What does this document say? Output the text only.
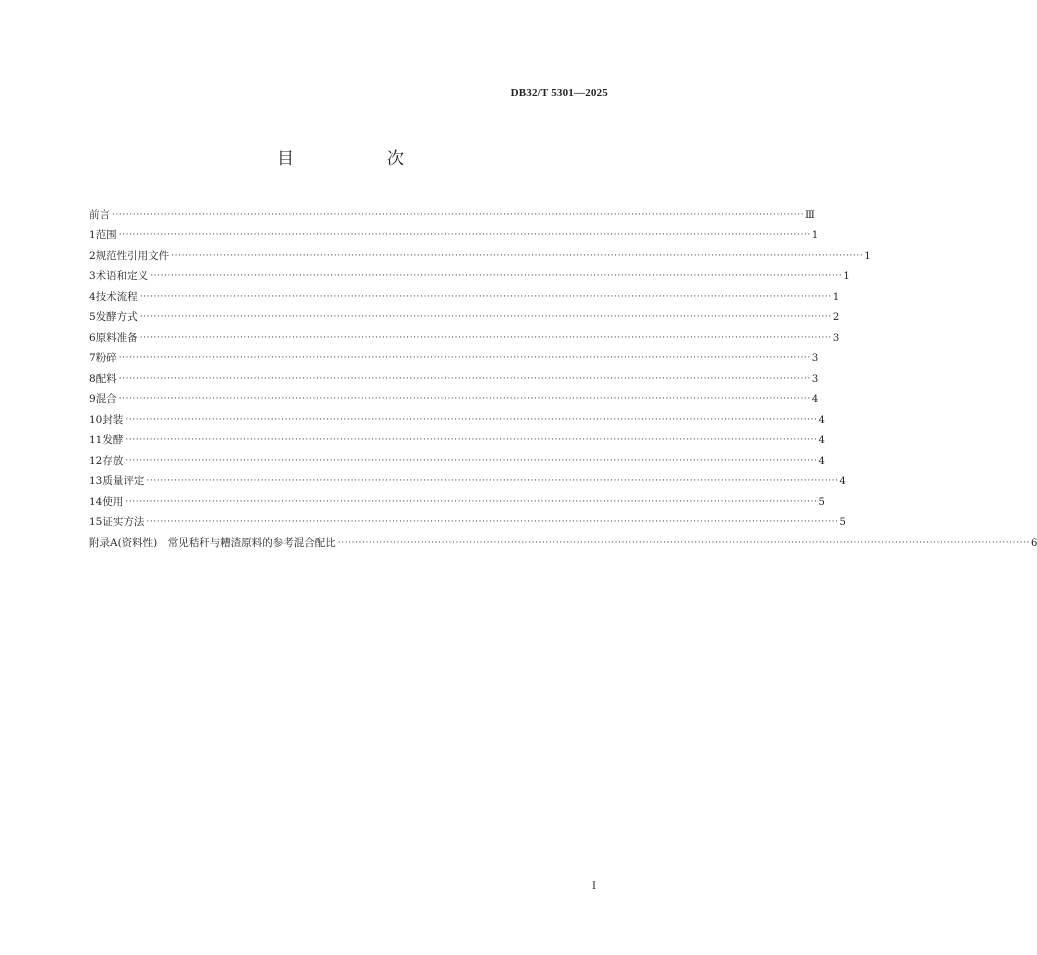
DB32/T 5301—2025
目　次
前言 ········································································································································································································ Ⅲ
1 范围 ········································································································································································································ 1
2 规范性引用文件 ········································································································································································································ 1
3 术语和定义 ········································································································································································································ 1
4 技术流程 ········································································································································································································ 1
5 发酵方式 ········································································································································································································ 2
6 原料准备 ········································································································································································································ 3
7 粉碎 ········································································································································································································ 3
8 配料 ········································································································································································································ 3
9 混合 ········································································································································································································ 4
10 封装 ········································································································································································································ 4
11 发酵 ········································································································································································································ 4
12 存放 ········································································································································································································ 4
13 质量评定 ········································································································································································································ 4
14 使用 ········································································································································································································ 5
15 证实方法 ········································································································································································································ 5
附录A(资料性)　常见秸秆与糟渣原料的参考混合配比 ········································································································································································································ 6
I
